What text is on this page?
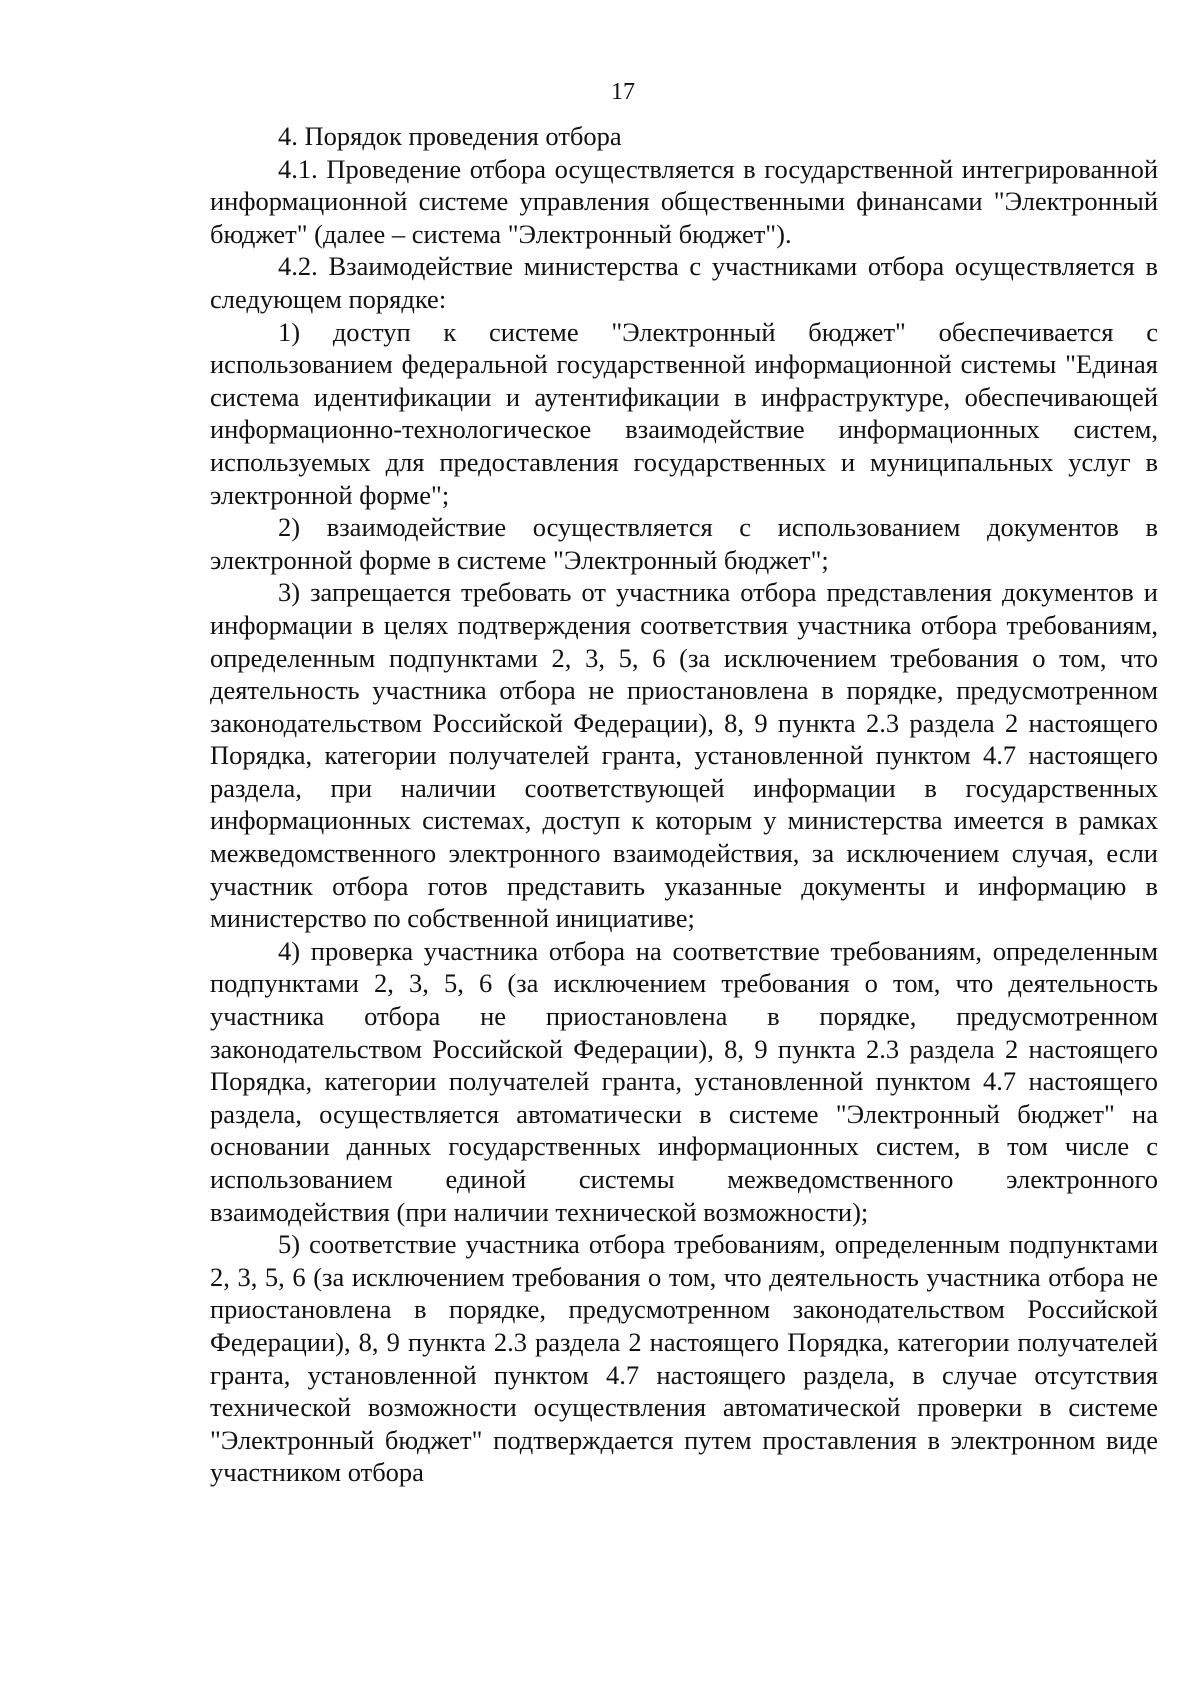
17

4. Порядок проведения отбора

4.1. Проведение отбора осуществляется в государственной интегрированной информационной системе управления общественными финансами "Электронный бюджет" (далее – система "Электронный бюджет").

4.2. Взаимодействие министерства с участниками отбора осуществляется в следующем порядке:

1) доступ к системе "Электронный бюджет" обеспечивается с использованием федеральной государственной информационной системы "Единая система идентификации и аутентификации в инфраструктуре, обеспечивающей информационно-технологическое взаимодействие информационных систем, используемых для предоставления государственных и муниципальных услуг в электронной форме";

2) взаимодействие осуществляется с использованием документов в электронной форме в системе "Электронный бюджет";

3) запрещается требовать от участника отбора представления документов и информации в целях подтверждения соответствия участника отбора требованиям, определенным подпунктами 2, 3, 5, 6 (за исключением требования о том, что деятельность участника отбора не приостановлена в порядке, предусмотренном законодательством Российской Федерации), 8, 9 пункта 2.3 раздела 2 настоящего Порядка, категории получателей гранта, установленной пунктом 4.7 настоящего раздела, при наличии соответствующей информации в государственных информационных системах, доступ к которым у министерства имеется в рамках межведомственного электронного взаимодействия, за исключением случая, если участник отбора готов представить указанные документы и информацию в министерство по собственной инициативе;

4) проверка участника отбора на соответствие требованиям, определенным подпунктами 2, 3, 5, 6 (за исключением требования о том, что деятельность участника отбора не приостановлена в порядке, предусмотренном законодательством Российской Федерации), 8, 9 пункта 2.3 раздела 2 настоящего Порядка, категории получателей гранта, установленной пунктом 4.7 настоящего раздела, осуществляется автоматически в системе "Электронный бюджет" на основании данных государственных информационных систем, в том числе с использованием единой системы межведомственного электронного взаимодействия (при наличии технической возможности);

5) соответствие участника отбора требованиям, определенным подпунктами 2, 3, 5, 6 (за исключением требования о том, что деятельность участника отбора не приостановлена в порядке, предусмотренном законодательством Российской Федерации), 8, 9 пункта 2.3 раздела 2 настоящего Порядка, категории получателей гранта, установленной пунктом 4.7 настоящего раздела, в случае отсутствия технической возможности осуществления автоматической проверки в системе "Электронный бюджет" подтверждается путем проставления в электронном виде участником отбора
